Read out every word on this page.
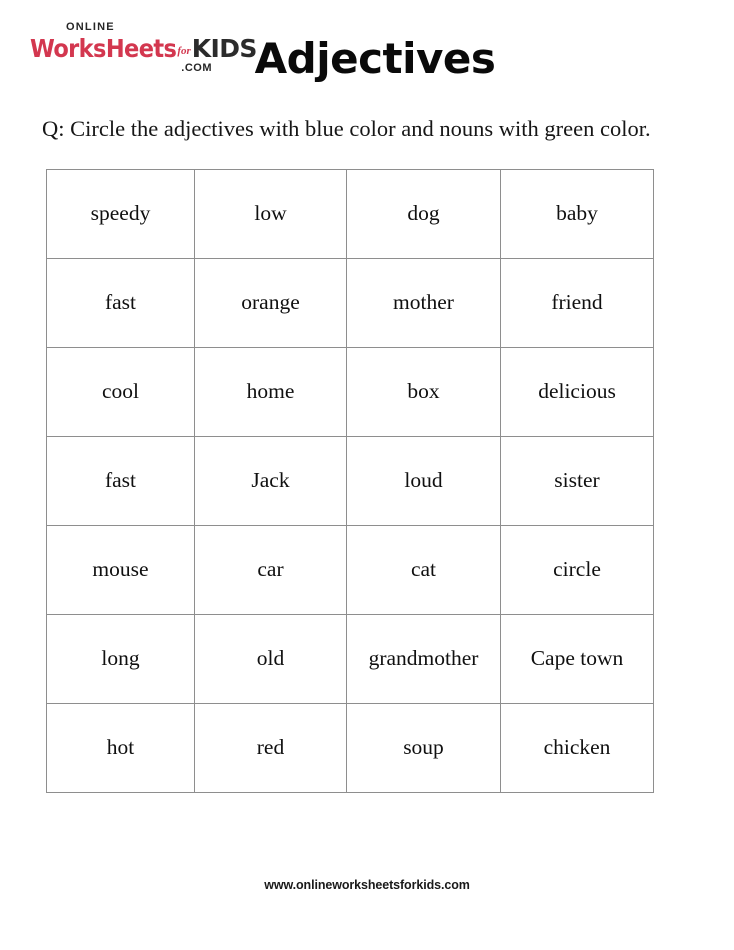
ONLINE
WorksHeetsforKIDS
.COM Adjectives
Q: Circle the adjectives with blue color and nouns with green color.
speedy	low	dog	baby
fast	orange	mother	friend
cool	home	box	delicious
fast	Jack	loud	sister
mouse	car	cat	circle
long	old	grandmother	Cape town
hot	red	soup	chicken
www.onlineworksheetsforkids.com
